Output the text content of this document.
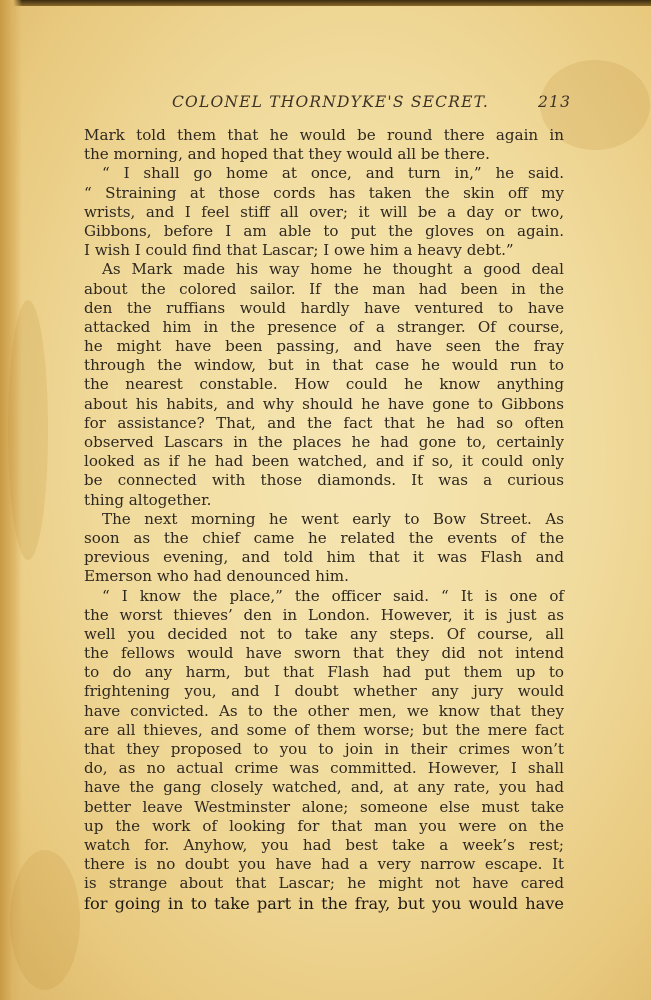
COLONEL THORNDYKE'S SECRET.	213
Mark told them that he would be round there again in
the morning, and hoped that they would all be there.
“ I shall go home at once, and turn in,” he said.
“ Straining at those cords has taken the skin off my
wrists, and I feel stiff all over; it will be a day or two,
Gibbons, before I am able to put the gloves on again.
I wish I could find that Lascar; I owe him a heavy debt.”
As Mark made his way home he thought a good deal
about the colored sailor. If the man had been in the
den the ruffians would hardly have ventured to have
attacked him in the presence of a stranger. Of course,
he might have been passing, and have seen the fray
through the window, but in that case he would run to
the nearest constable. How could he know anything
about his habits, and why should he have gone to Gibbons
for assistance? That, and the fact that he had so often
observed Lascars in the places he had gone to, certainly
looked as if he had been watched, and if so, it could only
be connected with those diamonds. It was a curious
thing altogether.
The next morning he went early to Bow Street. As
soon as the chief came he related the events of the
previous evening, and told him that it was Flash and
Emerson who had denounced him.
“ I know the place,” the officer said. “ It is one of
the worst thieves’ den in London. However, it is just as
well you decided not to take any steps. Of course, all
the fellows would have sworn that they did not intend
to do any harm, but that Flash had put them up to
frightening you, and I doubt whether any jury would
have convicted. As to the other men, we know that they
are all thieves, and some of them worse; but the mere fact
that they proposed to you to join in their crimes won’t
do, as no actual crime was committed. However, I shall
have the gang closely watched, and, at any rate, you had
better leave Westminster alone; someone else must take
up the work of looking for that man you were on the
watch for. Anyhow, you had best take a week’s rest;
there is no doubt you have had a very narrow escape. It
is strange about that Lascar; he might not have cared
for going in to take part in the fray, but you would have
